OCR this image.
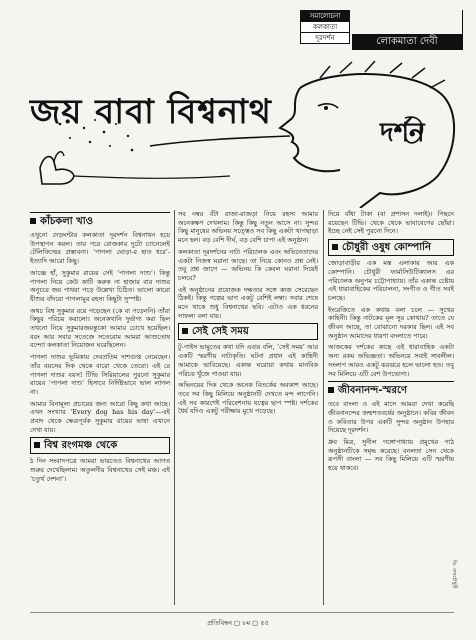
সমালোচনা
কলকাতা
দূরদর্শন	লোকমাতা দেবী
জয় বাবা বিশ্বনাথ
দর্শন
কাঁচকলা খাও

এখুনো দেড়ঘন্টার কলকাতা দূরদর্শন বিশ্বনাথন হয়ে উপস্থাপন করল। তার পরে রোজকার দুটো চ্যানেলেই টেলিফিল্মের প্রস্তাবনা। ‘পাগলা ঘোড়া-র হাত ধরে’-ইত্যাদি আরো কিছু।

আজ্ঞে হাঁ, সুকুমার রায়ের সেই ‘পাগলা দাশু’। কিন্তু পাগলা নিয়ে কেউ কাটি করুক না হাজার বার দাশুর অনুচরে জয় পাথরা পড়ে উল্লেখ্য চিঠিত। ভালো কারো যীশুর বাঁদরো পাগলামুর রহস্য কিছুটা সুস্পষ্ট।

অথচ বিশ্ব সুকুমার রয়ে পড়েছেন (কে বা পড়েননি) তাঁরা কিছুর পরিচয় করালো। অনেকখানি দুর্ভাগ্য করা ছিল তখনো নিয়ে সুকুমারজয়ন্তুকো আমার চোখে হয়েছিল। বরং আর সবার সতেজে সতেরোম আমরা আশুতোষ বন্দ্যো কলকাতা নিয়োজন ঘরেছিলেন।

পাগলা দাশুর ভূমিকায় দেবপ্রতিম দাশগুপ্ত নেমেছেন। তাঁর বয়সের দিক থেকে বারো থেকে তেরো। এই রে পাগলা দাশুর বয়স! টিভি সিরিয়ালের পুরনো সুকুমার রায়ের ‘পাগলা দাশু’ হিসাবে নির্দিষ্টভাবে ভাল লাগল না।

আমার বিনামূল্য প্রচারের জন্য আরো কিছু কথা আছে। এখন সংখ্যার ‘Every dog has his day’—এই প্রবাদ থেকে ক্ষেত্রপূর্বক সুকুমার রায়ের ভাষা এখানে দেখা যায়।

বিশ্ব রংগমঞ্চ থেকে

ঠ দিন সংবাদপত্রে আমরা ভারতেও বিশ্বনাথের আগত শুরুর দেখেছিলাম। অতুলনীয় বিশ্বনাথের সেই মঞ্চ। এই ‘চতুর্থ দেশনা’।

সব নম্বর বঁটা রাজা-রাজড়া নিয়ে রহস্য আমার অনেকক্ষণ দেখলাম। কিন্তু কিছু নতুন আসে না। সুন্দর কিছু মানুষের অভিনয় সত্ত্বেও সব কিছু একটা খাপছাড়া মনে হল। বড় বেশি দীর্ঘ, বড় বেশি চাপা এই অনুষ্ঠান।

কলকাতা দূরদর্শনের নাট্য পরিচালক এবং অভিনেতাদের একটা নিজস্ব ঘরানা আছে। তা নিয়ে কোনও প্রশ্ন নেই। তবু প্রশ্ন জাগে — অভিনয় কি কেবল ঘরানা দিয়েই চলবে?

এই অনুষ্ঠানের প্রযোজক দক্ষতার সঙ্গে কাজ সেরেছেন ঠিকই। কিন্তু গল্পের ভাগ একটু বেশিই লম্বা। সবার শেষে মনে থাকে শুধু বিশ্বনাথের ছবি। এটাও এক ধরনের সাফল্য বলা যায়।

সেই সেই সময়

টু-পাইস ভামুতের কথা যদি এবার বলি, ‘সেই সময়’ আর একটি স্মরণীয় নাট্যকৃতি। ঘটনা প্রধান এই কাহিনী আমাকে ভাবিয়েছে। একান্ত ঘরোয়া কথায় মানবিক পরিচয় খুঁজে পাওয়া যায়।

অভিনয়ের দিক থেকে অনেক বিতর্কের অবকাশ আছে। তবে সব কিছু মিলিয়ে অনুষ্ঠানটি দেখতে মন্দ লাগেনি। এই সব কারণেই পরিবেশনায় যত্নের ছাপ স্পষ্ট। দর্শকের ধৈর্য যদিও একটু পরীক্ষার মুখে পড়েছে।

দিয়ে বাঁধা টাকা (বা প্রশাসন দলাই)। পিছনে রয়েছেন টিভি। থেকে থেকে ভাবাবেগের ছোঁয়া। ইচ্ছে নেই সেই পুরনো দিনে।

চৌধুরী ওষুধ কোম্পানি

জোড়াবাড়ীর এক মস্ত এলাকার আর এক কোম্পানি। চৌধুরী ফার্মাসিউটিক্যালস এর পরিচালক অনুপম চট্টোপাধ্যায়। তাঁর একান্ত চেষ্টায় এই ধারাবাহিকের পরিচালনা, সংগীত ও গীত সবই চলছে।

ইংরেজিতে এক কথায় বলা চলে — সুখের কাহিনী। কিন্তু নাটকের মূল সুর কোথায়? তাতে যে জীবন আছে, তা বোঝানো দরকার ছিল। এই সব অনুষ্ঠান আমাদের ধারণা বদলাতে পারে।

আজকের দর্শকের কাছে এই ধারাবাহিক একটা অন্য রকম অভিজ্ঞতা। অভিনয়ে সবাই সাবলীল। সংলাপ আরও একটু ঝরঝরে হলে ভালো হত। তবু সব মিলিয়ে এটি বেশ উপভোগ্য।

জীবনানন্দ-স্মরণে

তবে বাংলা ও এই মাসে আমরা দেখা করেছি জীবনানন্দের জন্মশতবর্ষের অনুষ্ঠানে। কবির জীবন ও কবিতার উপর একটি সুন্দর অনুষ্ঠান উপহার দিয়েছে দূরদর্শন।

ধ্রুব মিত্র, সুনীল গঙ্গোপাধ্যায় প্রমুখের পাঠ অনুষ্ঠানটিকে সমৃদ্ধ করেছে। বনলতা সেন থেকে রূপসী বাংলা — সব কিছু মিলিয়ে এটি স্মরণীয় হয়ে থাকবে।

ডি. রায়চৌধুরী
প্রতিবিম্বন ▢ ৮ম ▢ ৫৫
